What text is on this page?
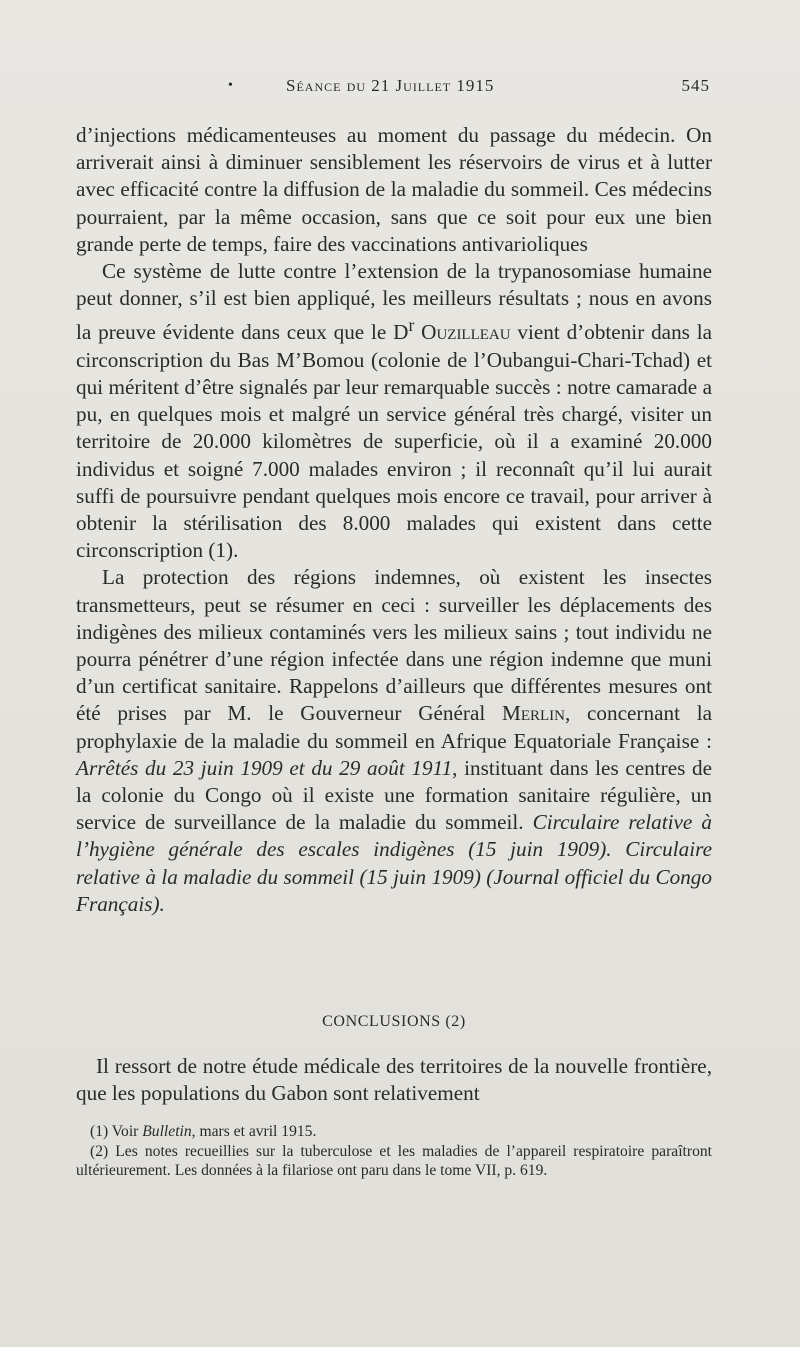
•	Séance du 21 Juillet 1915	545

d’injections médicamenteuses au moment du passage du médecin. On arriverait ainsi à diminuer sensiblement les réservoirs de virus et à lutter avec efficacité contre la diffusion de la maladie du sommeil. Ces médecins pourraient, par la même occasion, sans que ce soit pour eux une bien grande perte de temps, faire des vaccinations antivarioliques

Ce système de lutte contre l’extension de la trypanosomiase humaine peut donner, s’il est bien appliqué, les meilleurs résultats ; nous en avons la preuve évidente dans ceux que le $D^r$ Ouzilleau vient d’obtenir dans la circonscription du Bas M’Bomou (colonie de l’Oubangui-Chari-Tchad) et qui méritent d’être signalés par leur remarquable succès : notre camarade a pu, en quelques mois et malgré un service général très chargé, visiter un territoire de 20.000 kilomètres de superficie, où il a examiné 20.000 individus et soigné 7.000 malades environ ; il reconnaît qu’il lui aurait suffi de poursuivre pendant quelques mois encore ce travail, pour arriver à obtenir la stérilisation des 8.000 malades qui existent dans cette circonscription (1).

La protection des régions indemnes, où existent les insectes transmetteurs, peut se résumer en ceci : surveiller les déplacements des indigènes des milieux contaminés vers les milieux sains ; tout individu ne pourra pénétrer d’une région infectée dans une région indemne que muni d’un certificat sanitaire. Rappelons d’ailleurs que différentes mesures ont été prises par M. le Gouverneur Général Merlin, concernant la prophylaxie de la maladie du sommeil en Afrique Equatoriale Française : Arrêtés du 23 juin 1909 et du 29 août 1911, instituant dans les centres de la colonie du Congo où il existe une formation sanitaire régulière, un service de surveillance de la maladie du sommeil. Circulaire relative à l’hygiène générale des escales indigènes (15 juin 1909). Circulaire relative à la maladie du sommeil (15 juin 1909) (Journal officiel du Congo Français).

CONCLUSIONS (2)

Il ressort de notre étude médicale des territoires de la nouvelle frontière, que les populations du Gabon sont relativement

(1) Voir Bulletin, mars et avril 1915.

(2) Les notes recueillies sur la tuberculose et les maladies de l’appareil respiratoire paraîtront ultérieurement. Les données à la filariose ont paru dans le tome VII, p. 619.
